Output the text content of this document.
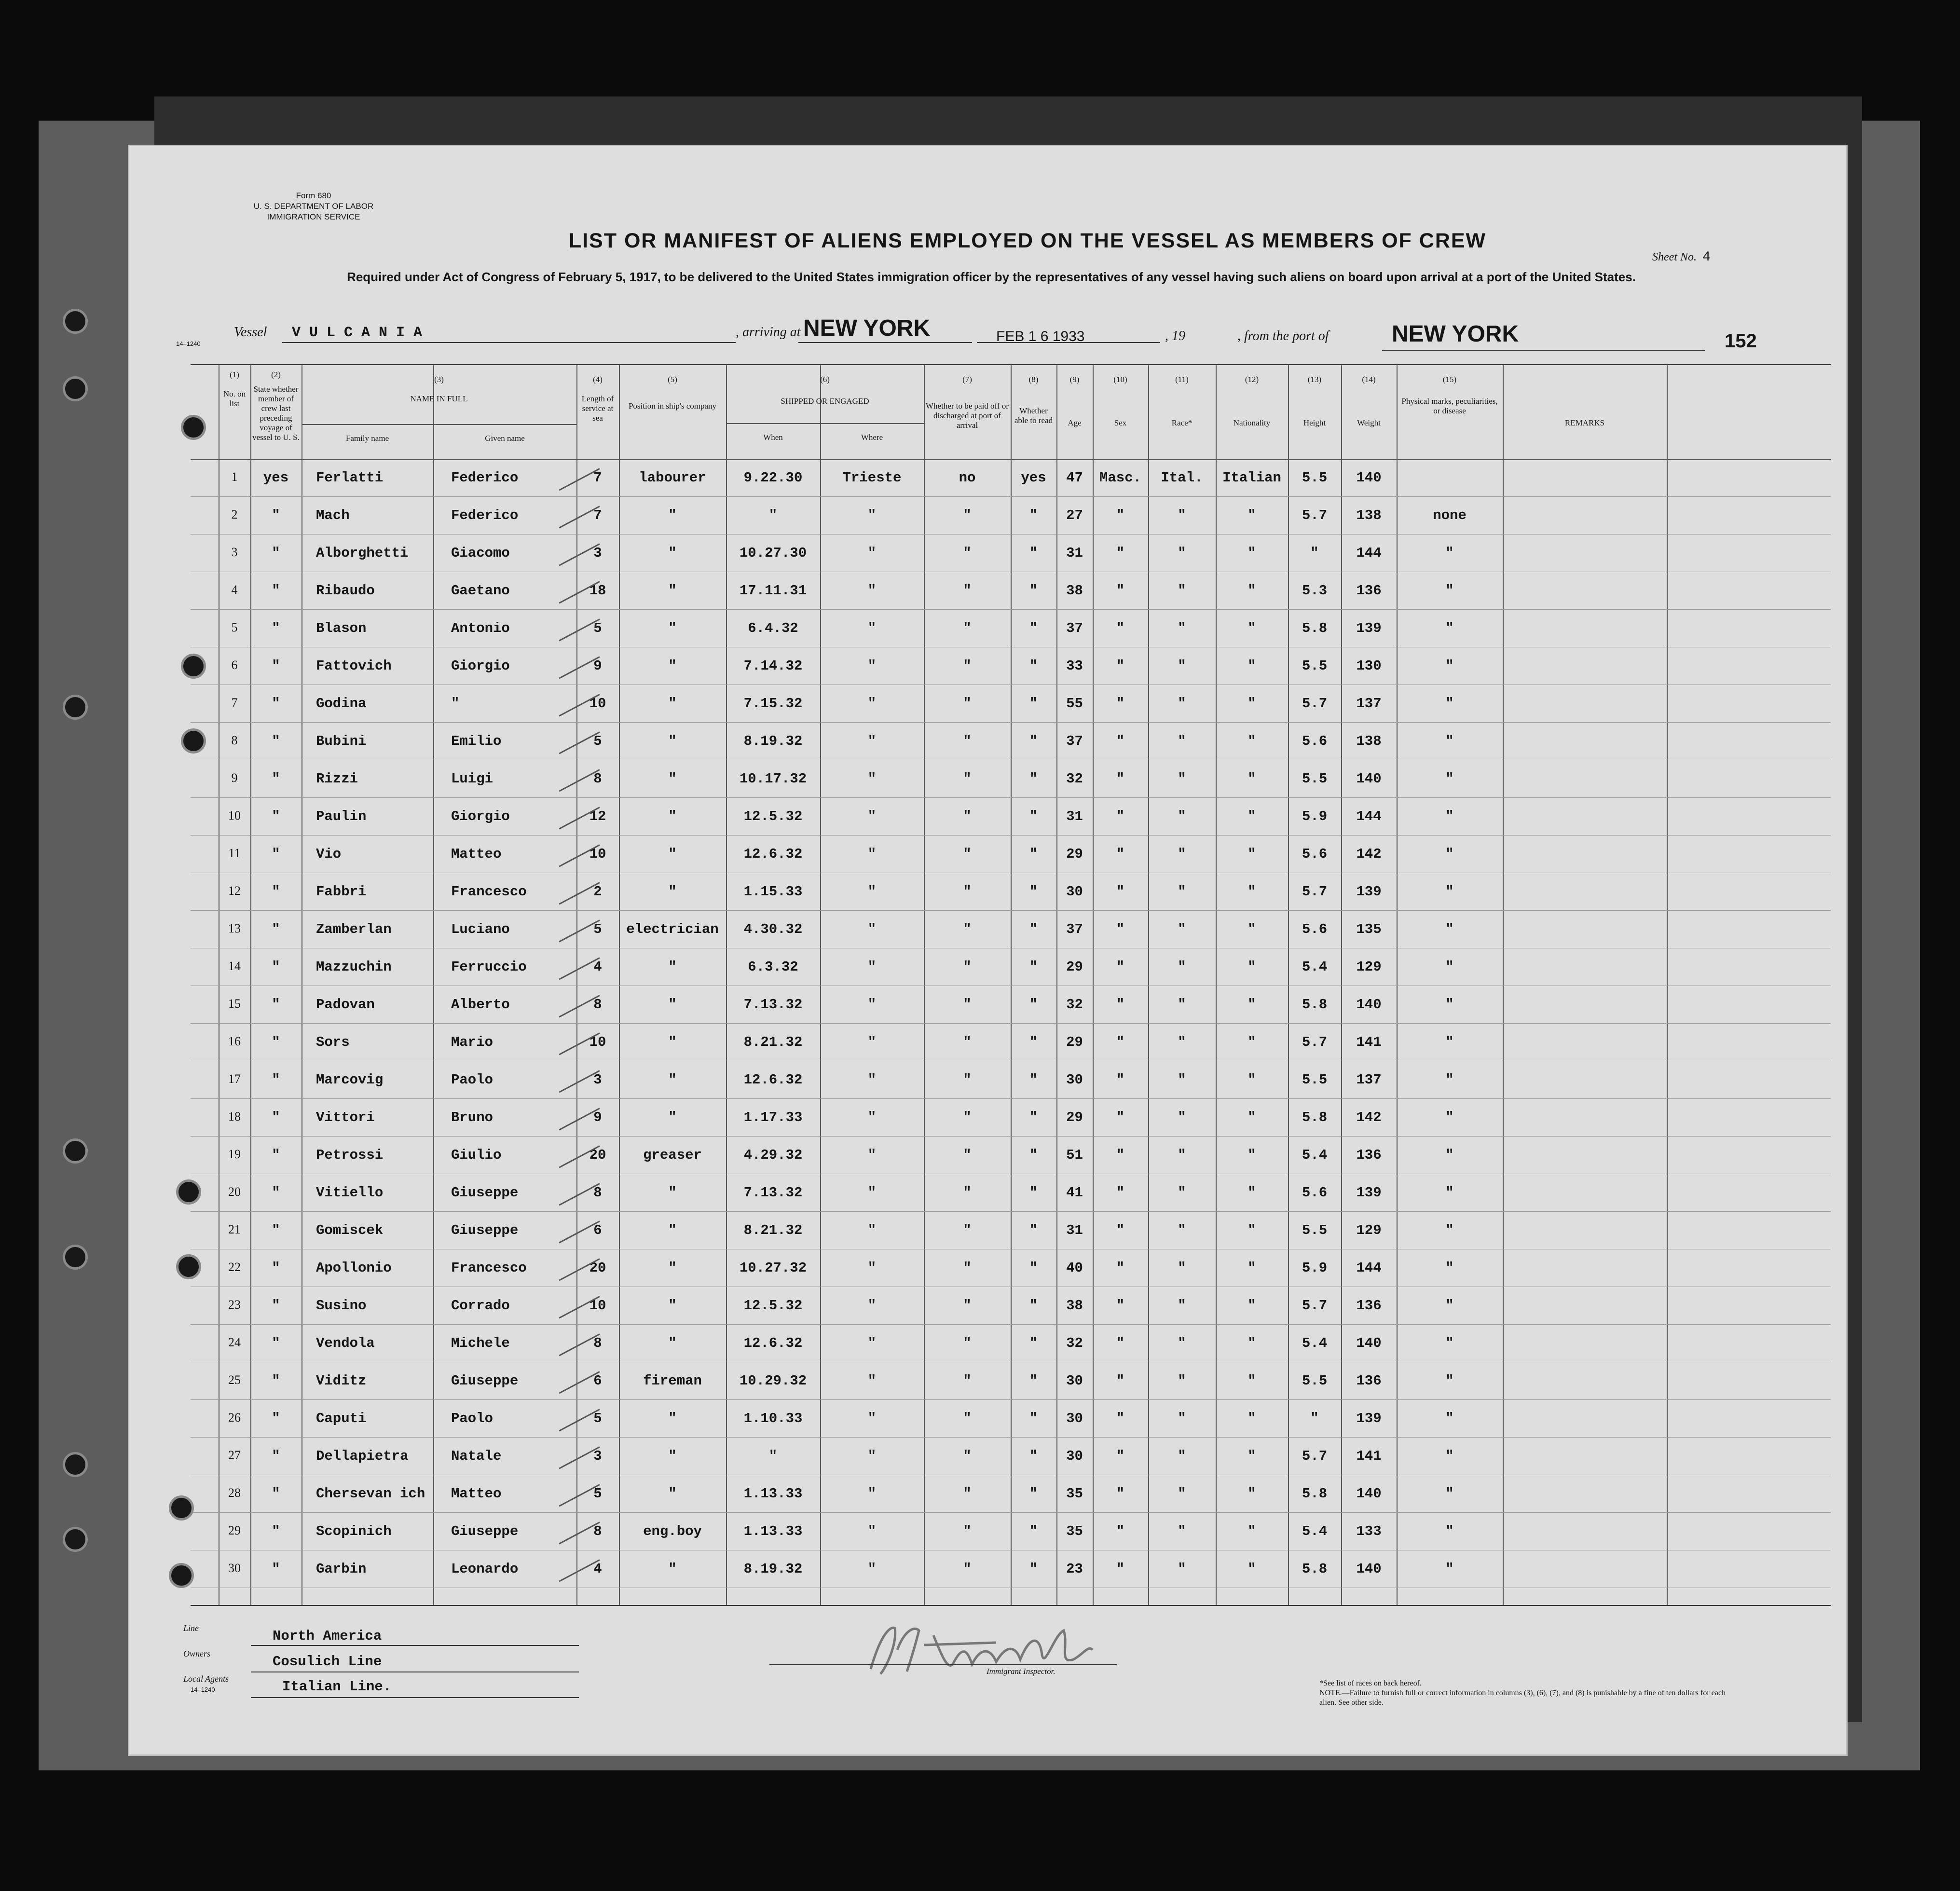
Form 680
U. S. DEPARTMENT OF LABOR
IMMIGRATION SERVICE
LIST OR MANIFEST OF ALIENS EMPLOYED ON THE VESSEL AS MEMBERS OF CREW
Required under Act of Congress of February 5, 1917, to be delivered to the United States immigration officer by the representatives of any vessel having such aliens on board upon arrival at a port of the United States.
Sheet No. 4
14–1240
Vessel V U L C A N I A	, arriving at NEW YORK	FEB 1 6 1933	, 19	, from the port of	NEW YORK	152
(1)
No. on list
(2)
State whether member of crew last preceding voyage of vessel to U. S.
(3)
NAME IN FULL
Family name	Given name
(4)
Length of service at sea
(5)
Position in ship's company
(6)
SHIPPED OR ENGAGED
When	Where
(7)
Whether to be paid off or discharged at port of arrival
(8)
Whether able to read
(9)
Age
(10)
Sex
(11)
Race*
(12)
Nationality
(13)
Height
(14)
Weight
(15)
Physical marks, peculiarities, or disease
REMARKS
1	yes	Ferlatti	Federico	7	labourer	9.22.30	Trieste	no	yes	47	Masc.	Ital.	Italian	5.5	140
2	"	Mach	Federico	7	"	"	"	"	"	27	"	"	"	5.7	138	none
3	"	Alborghetti	Giacomo	3	"	10.27.30	"	"	"	31	"	"	"	"	144	"
4	"	Ribaudo	Gaetano	18	"	17.11.31	"	"	"	38	"	"	"	5.3	136	"
5	"	Blason	Antonio	5	"	6.4.32	"	"	"	37	"	"	"	5.8	139	"
6	"	Fattovich	Giorgio	9	"	7.14.32	"	"	"	33	"	"	"	5.5	130	"
7	"	Godina	"	10	"	7.15.32	"	"	"	55	"	"	"	5.7	137	"
8	"	Bubini	Emilio	5	"	8.19.32	"	"	"	37	"	"	"	5.6	138	"
9	"	Rizzi	Luigi	8	"	10.17.32	"	"	"	32	"	"	"	5.5	140	"
10	"	Paulin	Giorgio	12	"	12.5.32	"	"	"	31	"	"	"	5.9	144	"
11	"	Vio	Matteo	10	"	12.6.32	"	"	"	29	"	"	"	5.6	142	"
12	"	Fabbri	Francesco	2	"	1.15.33	"	"	"	30	"	"	"	5.7	139	"
13	"	Zamberlan	Luciano	5	electrician	4.30.32	"	"	"	37	"	"	"	5.6	135	"
14	"	Mazzuchin	Ferruccio	4	"	6.3.32	"	"	"	29	"	"	"	5.4	129	"
15	"	Padovan	Alberto	8	"	7.13.32	"	"	"	32	"	"	"	5.8	140	"
16	"	Sors	Mario	10	"	8.21.32	"	"	"	29	"	"	"	5.7	141	"
17	"	Marcovig	Paolo	3	"	12.6.32	"	"	"	30	"	"	"	5.5	137	"
18	"	Vittori	Bruno	9	"	1.17.33	"	"	"	29	"	"	"	5.8	142	"
19	"	Petrossi	Giulio	20	greaser	4.29.32	"	"	"	51	"	"	"	5.4	136	"
20	"	Vitiello	Giuseppe	8	"	7.13.32	"	"	"	41	"	"	"	5.6	139	"
21	"	Gomiscek	Giuseppe	6	"	8.21.32	"	"	"	31	"	"	"	5.5	129	"
22	"	Apollonio	Francesco	20	"	10.27.32	"	"	"	40	"	"	"	5.9	144	"
23	"	Susino	Corrado	10	"	12.5.32	"	"	"	38	"	"	"	5.7	136	"
24	"	Vendola	Michele	8	"	12.6.32	"	"	"	32	"	"	"	5.4	140	"
25	"	Viditz	Giuseppe	6	fireman	10.29.32	"	"	"	30	"	"	"	5.5	136	"
26	"	Caputi	Paolo	5	"	1.10.33	"	"	"	30	"	"	"	"	139	"
27	"	Dellapietra	Natale	3	"	"	"	"	"	30	"	"	"	5.7	141	"
28	"	Chersevan ich	Matteo	5	"	1.13.33	"	"	"	35	"	"	"	5.8	140	"
29	"	Scopinich	Giuseppe	8	eng.boy	1.13.33	"	"	"	35	"	"	"	5.4	133	"
30	"	Garbin	Leonardo	4	"	8.19.32	"	"	"	23	"	"	"	5.8	140	"
Line	North America
Owners	Cosulich Line
Local Agents
14–1240	Italian Line.
Immigrant Inspector.
*See list of races on back hereof.
NOTE.—Failure to furnish full or correct information in columns (3), (6), (7), and (8) is punishable by a fine of ten dollars for each alien. See other side.
